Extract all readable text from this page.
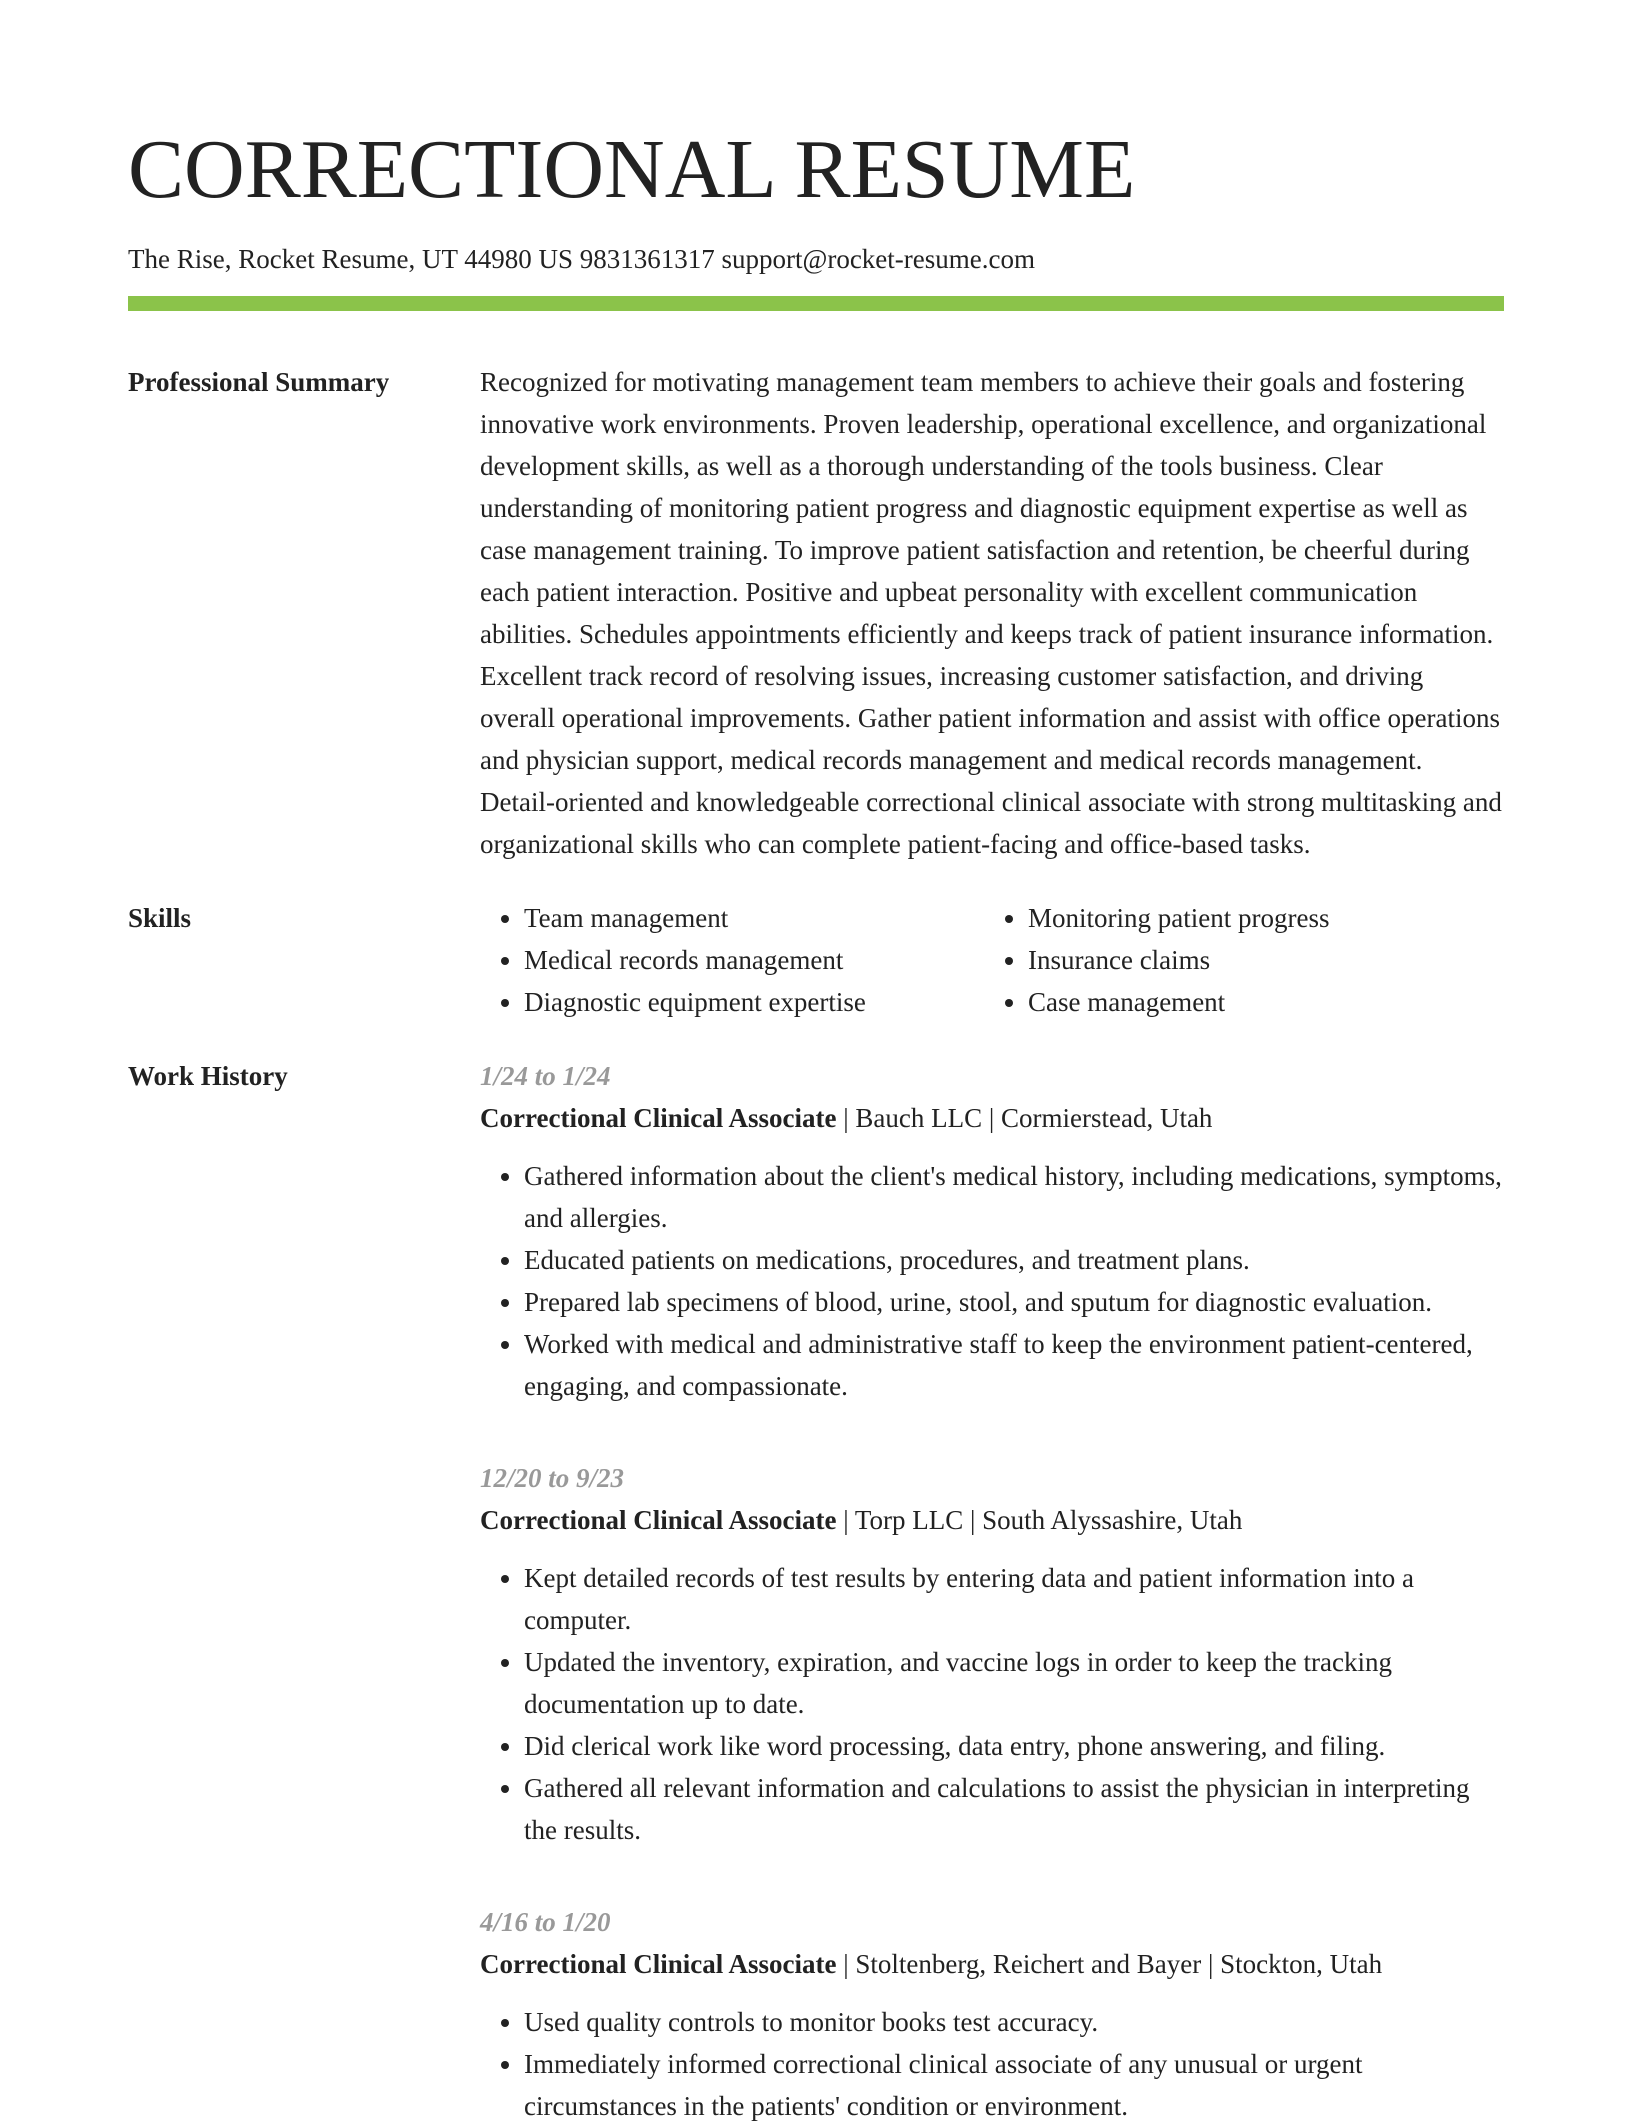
CORRECTIONAL RESUME
The Rise, Rocket Resume, UT 44980 US 9831361317 support@rocket-resume.com
Professional Summary	Recognized for motivating management team members to achieve their goals and fostering innovative work environments. Proven leadership, operational excellence, and organizational development skills, as well as a thorough understanding of the tools business. Clear understanding of monitoring patient progress and diagnostic equipment expertise as well as case management training. To improve patient satisfaction and retention, be cheerful during each patient interaction. Positive and upbeat personality with excellent communication abilities. Schedules appointments efficiently and keeps track of patient insurance information. Excellent track record of resolving issues, increasing customer satisfaction, and driving overall operational improvements. Gather patient information and assist with office operations and physician support, medical records management and medical records management. Detail-oriented and knowledgeable correctional clinical associate with strong multitasking and organizational skills who can complete patient-facing and office-based tasks.
Skills
•	Team management
• Medical records management
• Diagnostic equipment expertise
• Monitoring patient progress
• Insurance claims
• Case management
Work History	1/24 to 1/24
Correctional Clinical Associate | Bauch LLC | Cormierstead, Utah
• Gathered information about the client's medical history, including medications, symptoms, and allergies.
• Educated patients on medications, procedures, and treatment plans.
• Prepared lab specimens of blood, urine, stool, and sputum for diagnostic evaluation.
• Worked with medical and administrative staff to keep the environment patient-centered, engaging, and compassionate.
12/20 to 9/23
Correctional Clinical Associate | Torp LLC | South Alyssashire, Utah
• Kept detailed records of test results by entering data and patient information into a computer.
• Updated the inventory, expiration, and vaccine logs in order to keep the tracking documentation up to date.
• Did clerical work like word processing, data entry, phone answering, and filing.
• Gathered all relevant information and calculations to assist the physician in interpreting the results.
4/16 to 1/20
Correctional Clinical Associate | Stoltenberg, Reichert and Bayer | Stockton, Utah
• Used quality controls to monitor books test accuracy.
• Immediately informed correctional clinical associate of any unusual or urgent circumstances in the patients' condition or environment.
